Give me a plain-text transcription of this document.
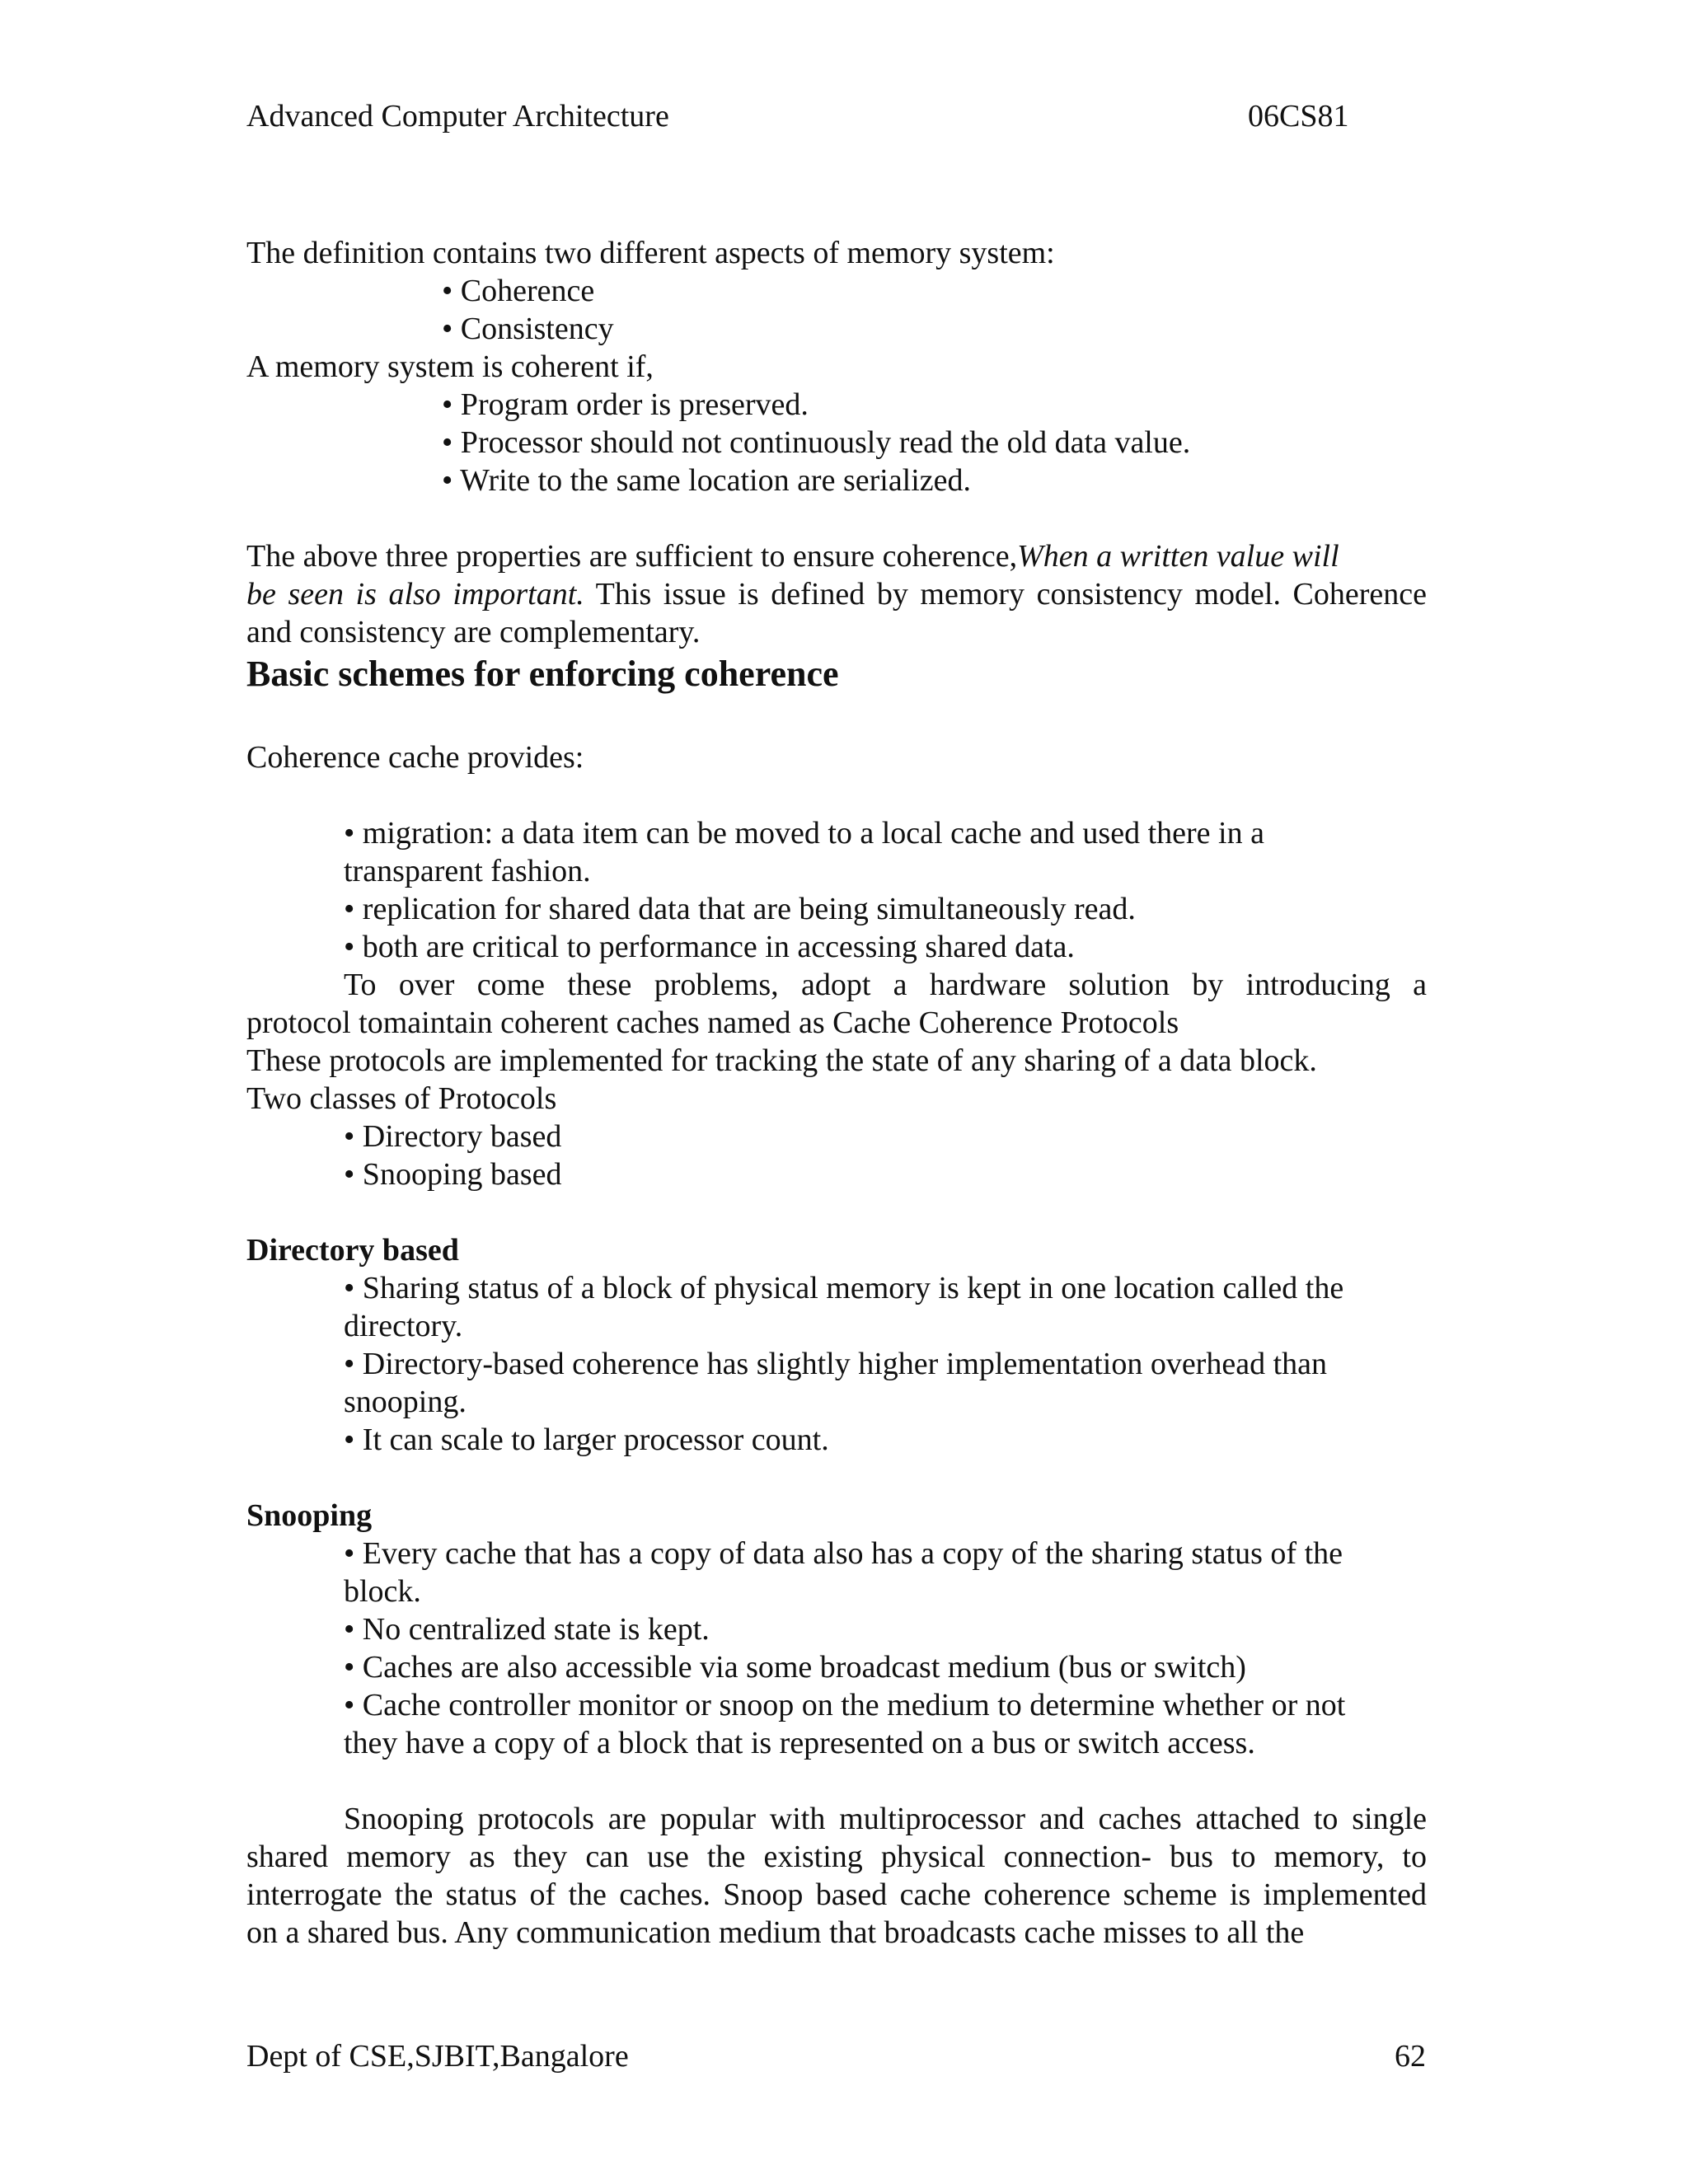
Advanced Computer Architecture	06CS81
The definition contains two different aspects of memory system:
• Coherence
• Consistency
A memory system is coherent if,
• Program order is preserved.
• Processor should not continuously read the old data value.
• Write to the same location are serialized.
The above three properties are sufficient to ensure coherence,When a written value will
be seen is also important. This issue is defined by memory consistency model. Coherence
and consistency are complementary.
Basic schemes for enforcing coherence
Coherence cache provides:
• migration: a data item can be moved to a local cache and used there in a
transparent fashion.
• replication for shared data that are being simultaneously read.
• both are critical to performance in accessing shared data.
To over come these problems, adopt a hardware solution by introducing a
protocol tomaintain coherent caches named as Cache Coherence Protocols
These protocols are implemented for tracking the state of any sharing of a data block.
Two classes of Protocols
• Directory based
• Snooping based
Directory based
• Sharing status of a block of physical memory is kept in one location called the
directory.
• Directory-based coherence has slightly higher implementation overhead than
snooping.
• It can scale to larger processor count.
Snooping
• Every cache that has a copy of data also has a copy of the sharing status of the
block.
• No centralized state is kept.
• Caches are also accessible via some broadcast medium (bus or switch)
• Cache controller monitor or snoop on the medium to determine whether or not
they have a copy of a block that is represented on a bus or switch access.
Snooping protocols are popular with multiprocessor and caches attached to single
shared memory as they can use the existing physical connection- bus to memory, to
interrogate the status of the caches. Snoop based cache coherence scheme is implemented
on a shared bus. Any communication medium that broadcasts cache misses to all the
Dept of CSE,SJBIT,Bangalore	62
